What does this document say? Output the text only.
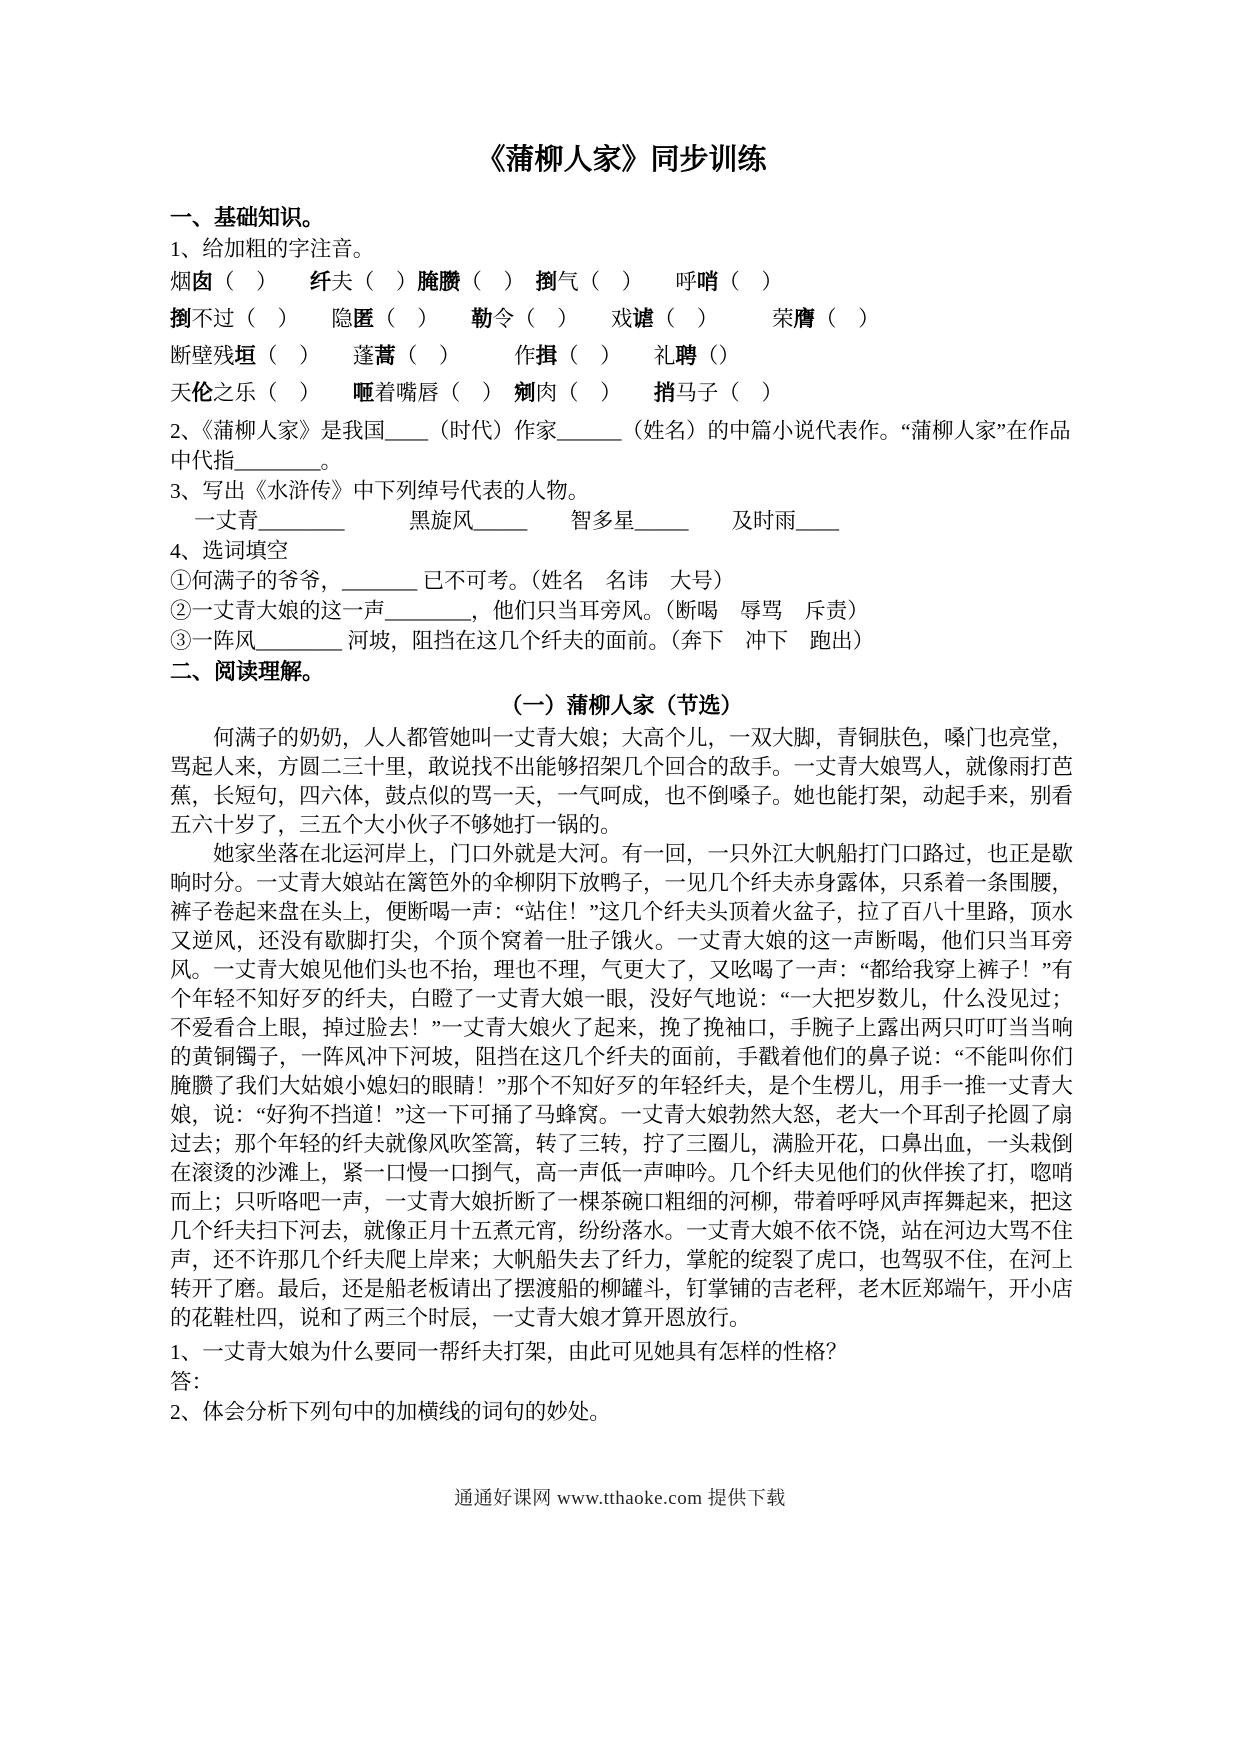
《蒲柳人家》同步训练
一、基础知识。
1、给加粗的字注音。
烟囱（　）　　纤夫（　）腌臜（　）　捯气（　）　　呼哨（　）
捯不过（　）　　隐匿（　）　　勒令（　）　　戏谑（　）　　　荣膺（　）
断壁残垣（　）　　蓬蒿（　）　　　作揖（　）　　礼聘（）
天伦之乐（　）　　咂着嘴唇（　）　剜肉（　）　　捎马子（　）
2、《蒲柳人家》是我国____（时代）作家______（姓名）的中篇小说代表作。“蒲柳人家”在作品中代指________。
3、写出《水浒传》中下列绰号代表的人物。
一丈青________　　　黑旋风_____　　智多星_____　　及时雨____
4、选词填空
①何满子的爷爷，_______ 已不可考。（姓名　名讳　大号）
②一丈青大娘的这一声________，他们只当耳旁风。（断喝　辱骂　斥责）
③一阵风________ 河坡，阻挡在这几个纤夫的面前。（奔下　冲下　跑出）
二、阅读理解。
（一）蒲柳人家（节选）

何满子的奶奶，人人都管她叫一丈青大娘；大高个儿，一双大脚，青铜肤色，嗓门也亮堂，骂起人来，方圆二三十里，敢说找不出能够招架几个回合的敌手。一丈青大娘骂人，就像雨打芭蕉，长短句，四六体，鼓点似的骂一天，一气呵成，也不倒嗓子。她也能打架，动起手来，别看五六十岁了，三五个大小伙子不够她打一锅的。

她家坐落在北运河岸上，门口外就是大河。有一回，一只外江大帆船打门口路过，也正是歇晌时分。一丈青大娘站在篱笆外的伞柳阴下放鸭子，一见几个纤夫赤身露体，只系着一条围腰，裤子卷起来盘在头上，便断喝一声：“站住！”这几个纤夫头顶着火盆子，拉了百八十里路，顶水又逆风，还没有歇脚打尖，个顶个窝着一肚子饿火。一丈青大娘的这一声断喝，他们只当耳旁风。一丈青大娘见他们头也不抬，理也不理，气更大了，又吆喝了一声：“都给我穿上裤子！”有个年轻不知好歹的纤夫，白瞪了一丈青大娘一眼，没好气地说：“一大把岁数儿，什么没见过；不爱看合上眼，掉过脸去！”一丈青大娘火了起来，挽了挽袖口，手腕子上露出两只叮叮当当响的黄铜镯子，一阵风冲下河坡，阻挡在这几个纤夫的面前，手戳着他们的鼻子说：“不能叫你们腌臜了我们大姑娘小媳妇的眼睛！”那个不知好歹的年轻纤夫，是个生楞儿，用手一推一丈青大娘，说：“好狗不挡道！”这一下可捅了马蜂窝。一丈青大娘勃然大怒，老大一个耳刮子抡圆了扇过去；那个年轻的纤夫就像风吹筌篙，转了三转，拧了三圈儿，满脸开花，口鼻出血，一头栽倒在滚烫的沙滩上，紧一口慢一口捯气，高一声低一声呻吟。几个纤夫见他们的伙伴挨了打，唿哨而上；只听咯吧一声，一丈青大娘折断了一棵茶碗口粗细的河柳，带着呼呼风声挥舞起来，把这几个纤夫扫下河去，就像正月十五煮元宵，纷纷落水。一丈青大娘不依不饶，站在河边大骂不住声，还不许那几个纤夫爬上岸来；大帆船失去了纤力，掌舵的绽裂了虎口，也驾驭不住，在河上转开了磨。最后，还是船老板请出了摆渡船的柳罐斗，钉掌铺的吉老秤，老木匠郑端午，开小店的花鞋杜四，说和了两三个时辰，一丈青大娘才算开恩放行。

1、一丈青大娘为什么要同一帮纤夫打架，由此可见她具有怎样的性格？
答：
2、体会分析下列句中的加横线的词句的妙处。
通通好课网 www.tthaoke.com 提供下载
